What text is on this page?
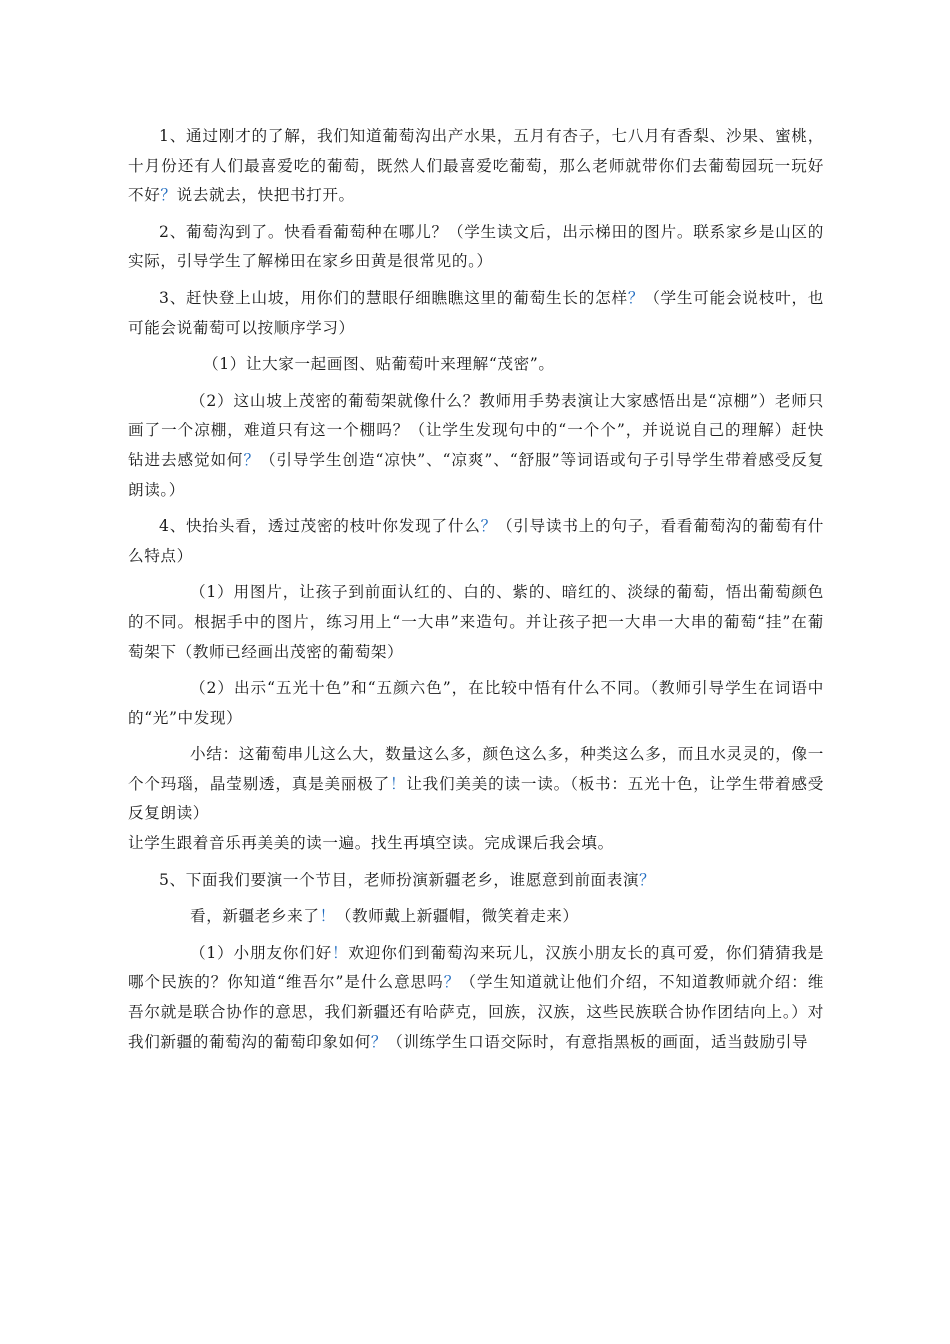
1、通过刚才的了解，我们知道葡萄沟出产水果，五月有杏子，七八月有香梨、沙果、蜜桃，十月份还有人们最喜爱吃的葡萄，既然人们最喜爱吃葡萄，那么老师就带你们去葡萄园玩一玩好不好？说去就去，快把书打开。

2、葡萄沟到了。快看看葡萄种在哪儿？（学生读文后，出示梯田的图片。联系家乡是山区的实际，引导学生了解梯田在家乡田黄是很常见的。）

3、赶快登上山坡，用你们的慧眼仔细瞧瞧这里的葡萄生长的怎样？（学生可能会说枝叶，也可能会说葡萄可以按顺序学习）

（1）让大家一起画图、贴葡萄叶来理解“茂密”。

（2）这山坡上茂密的葡萄架就像什么？教师用手势表演让大家感悟出是“凉棚”）老师只画了一个凉棚，难道只有这一个棚吗？（让学生发现句中的“一个个”，并说说自己的理解）赶快钻进去感觉如何？（引导学生创造“凉快”、“凉爽”、“舒服”等词语或句子引导学生带着感受反复朗读。）

4、快抬头看，透过茂密的枝叶你发现了什么？（引导读书上的句子，看看葡萄沟的葡萄有什么特点）

（1）用图片，让孩子到前面认红的、白的、紫的、暗红的、淡绿的葡萄，悟出葡萄颜色的不同。根据手中的图片，练习用上“一大串”来造句。并让孩子把一大串一大串的葡萄“挂”在葡萄架下（教师已经画出茂密的葡萄架）

（2）出示“五光十色”和“五颜六色”，在比较中悟有什么不同。（教师引导学生在词语中的“光”中发现）

小结：这葡萄串儿这么大，数量这么多，颜色这么多，种类这么多，而且水灵灵的，像一个个玛瑙，晶莹剔透，真是美丽极了！让我们美美的读一读。（板书：五光十色，让学生带着感受反复朗读）

让学生跟着音乐再美美的读一遍。找生再填空读。完成课后我会填。

5、下面我们要演一个节目，老师扮演新疆老乡，谁愿意到前面表演？

看，新疆老乡来了！（教师戴上新疆帽，微笑着走来）

（1）小朋友你们好！欢迎你们到葡萄沟来玩儿，汉族小朋友长的真可爱，你们猜猜我是哪个民族的？你知道“维吾尔”是什么意思吗？（学生知道就让他们介绍，不知道教师就介绍：维吾尔就是联合协作的意思，我们新疆还有哈萨克，回族，汉族，这些民族联合协作团结向上。）对我们新疆的葡萄沟的葡萄印象如何？（训练学生口语交际时，有意指黑板的画面，适当鼓励引导
